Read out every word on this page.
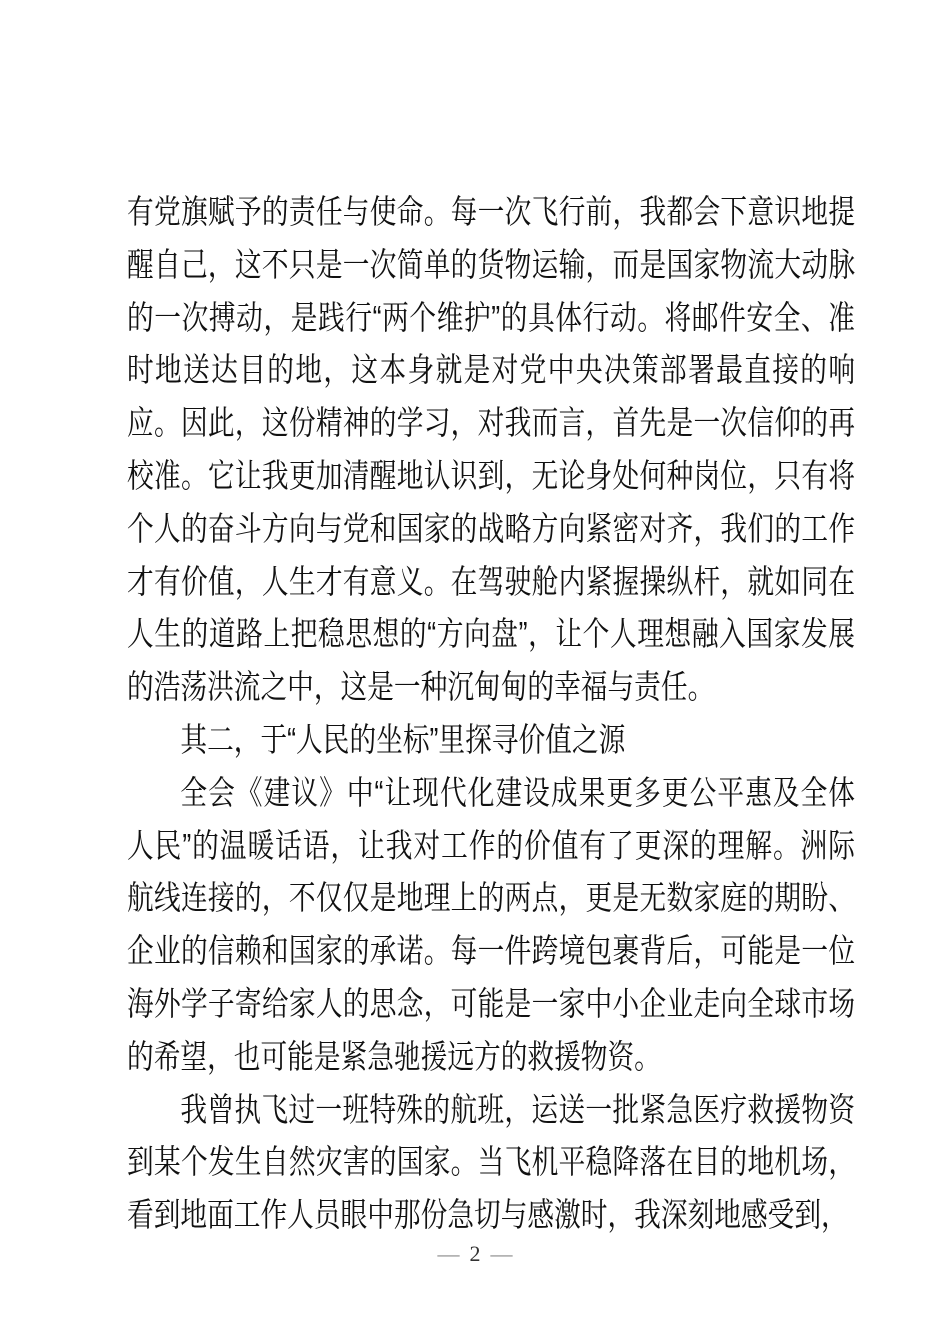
有党旗赋予的责任与使命。每一次飞行前，我都会下意识地提醒自己，这不只是一次简单的货物运输，而是国家物流大动脉的一次搏动，是践行“两个维护”的具体行动。将邮件安全、准时地送达目的地，这本身就是对党中央决策部署最直接的响应。因此，这份精神的学习，对我而言，首先是一次信仰的再校准。它让我更加清醒地认识到，无论身处何种岗位，只有将个人的奋斗方向与党和国家的战略方向紧密对齐，我们的工作才有价值，人生才有意义。在驾驶舱内紧握操纵杆，就如同在人生的道路上把稳思想的“方向盘”，让个人理想融入国家发展的浩荡洪流之中，这是一种沉甸甸的幸福与责任。

其二，于“人民的坐标”里探寻价值之源

全会《建议》中“让现代化建设成果更多更公平惠及全体人民”的温暖话语，让我对工作的价值有了更深的理解。洲际航线连接的，不仅仅是地理上的两点，更是无数家庭的期盼、企业的信赖和国家的承诺。每一件跨境包裹背后，可能是一位海外学子寄给家人的思念，可能是一家中小企业走向全球市场的希望，也可能是紧急驰援远方的救援物资。

我曾执飞过一班特殊的航班，运送一批紧急医疗救援物资到某个发生自然灾害的国家。当飞机平稳降落在目的地机场，看到地面工作人员眼中那份急切与感激时，我深刻地感受到，

— 2 —
